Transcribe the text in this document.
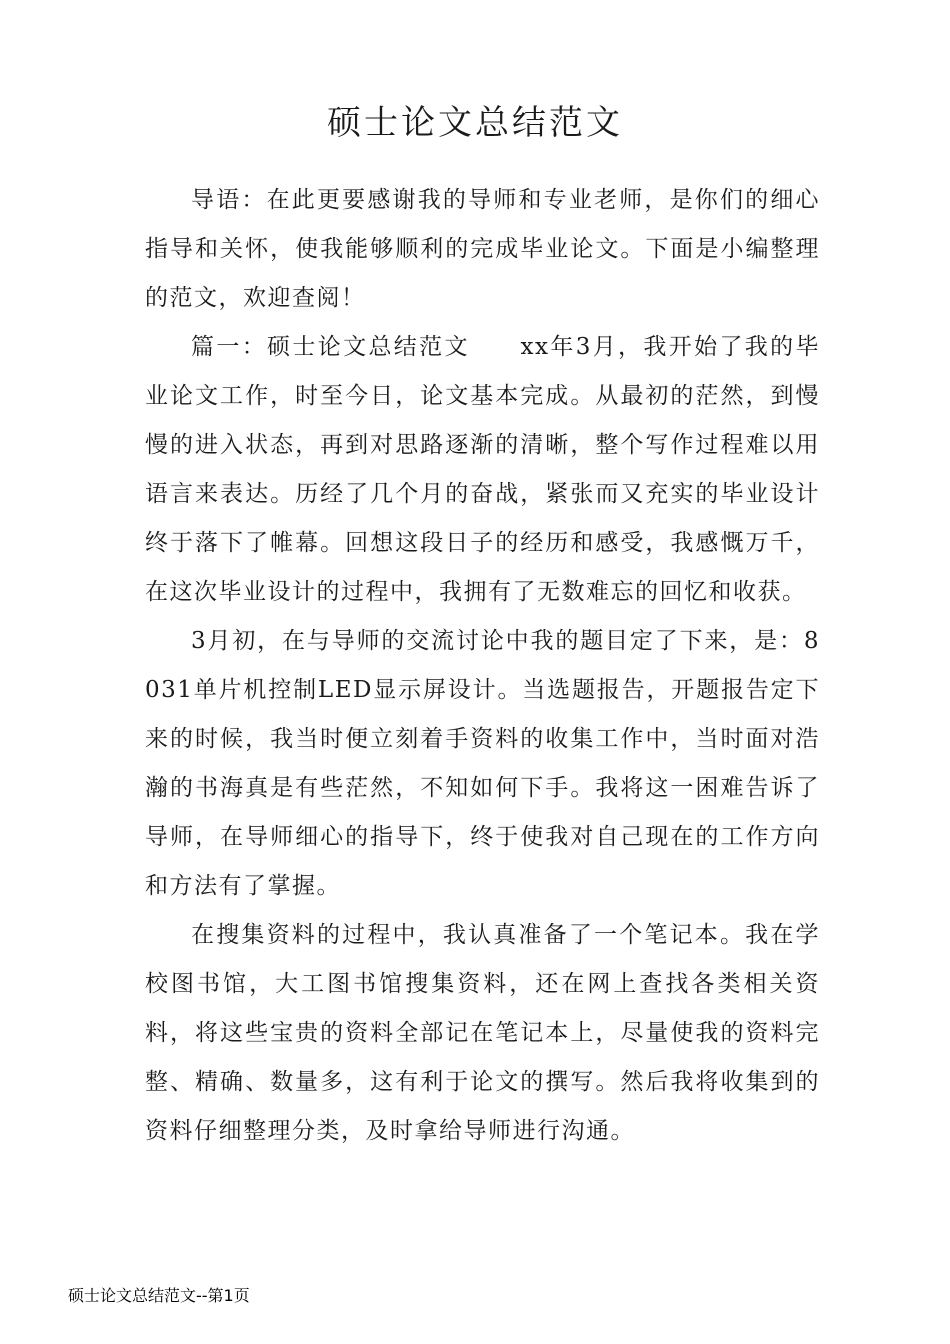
硕士论文总结范文

导语：在此更要感谢我的导师和专业老师，是你们的细心指导和关怀，使我能够顺利的完成毕业论文。下面是小编整理的范文，欢迎查阅！

篇一：硕士论文总结范文　　xx年3月，我开始了我的毕业论文工作，时至今日，论文基本完成。从最初的茫然，到慢慢的进入状态，再到对思路逐渐的清晰，整个写作过程难以用语言来表达。历经了几个月的奋战，紧张而又充实的毕业设计终于落下了帷幕。回想这段日子的经历和感受，我感慨万千，在这次毕业设计的过程中，我拥有了无数难忘的回忆和收获。

3月初，在与导师的交流讨论中我的题目定了下来，是：8031单片机控制LED显示屏设计。当选题报告，开题报告定下来的时候，我当时便立刻着手资料的收集工作中，当时面对浩瀚的书海真是有些茫然，不知如何下手。我将这一困难告诉了导师，在导师细心的指导下，终于使我对自己现在的工作方向和方法有了掌握。

在搜集资料的过程中，我认真准备了一个笔记本。我在学校图书馆，大工图书馆搜集资料，还在网上查找各类相关资料，将这些宝贵的资料全部记在笔记本上，尽量使我的资料完整、精确、数量多，这有利于论文的撰写。然后我将收集到的资料仔细整理分类，及时拿给导师进行沟通。

硕士论文总结范文--第1页
